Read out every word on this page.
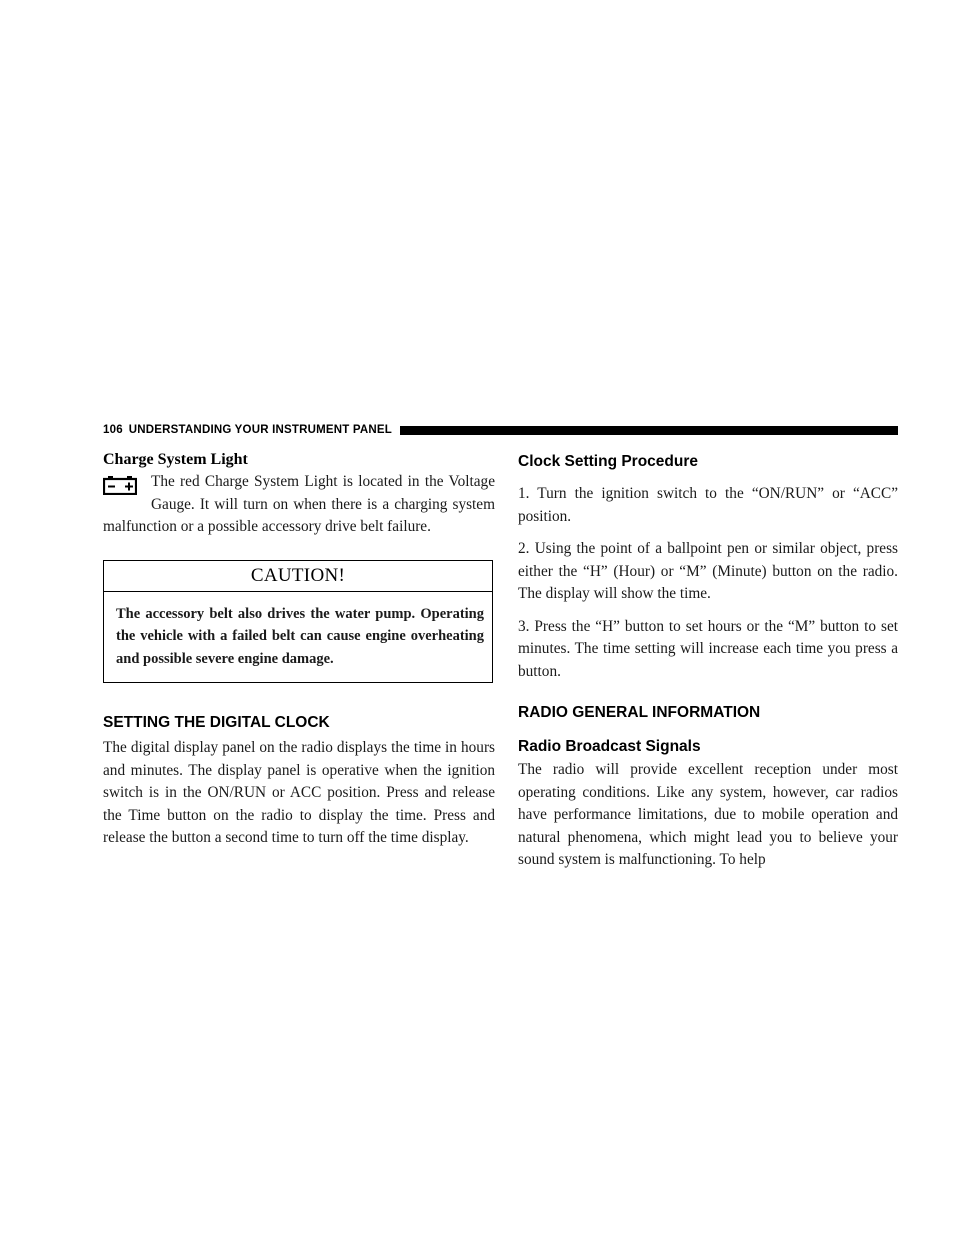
106 UNDERSTANDING YOUR INSTRUMENT PANEL
Charge System Light

The red Charge System Light is located in the Voltage Gauge. It will turn on when there is a charging system malfunction or a possible accessory drive belt failure.

CAUTION!
The accessory belt also drives the water pump. Operating the vehicle with a failed belt can cause engine overheating and possible severe engine damage.
SETTING THE DIGITAL CLOCK

The digital display panel on the radio displays the time in hours and minutes. The display panel is operative when the ignition switch is in the ON/RUN or ACC position. Press and release the Time button on the radio to display the time. Press and release the button a second time to turn off the time display.

Clock Setting Procedure

1. Turn the ignition switch to the “ON/RUN” or “ACC” position.

2. Using the point of a ballpoint pen or similar object, press either the “H” (Hour) or “M” (Minute) button on the radio. The display will show the time.

3. Press the “H” button to set hours or the “M” button to set minutes. The time setting will increase each time you press a button.

RADIO GENERAL INFORMATION
Radio Broadcast Signals

The radio will provide excellent reception under most operating conditions. Like any system, however, car radios have performance limitations, due to mobile operation and natural phenomena, which might lead you to believe your sound system is malfunctioning. To help
